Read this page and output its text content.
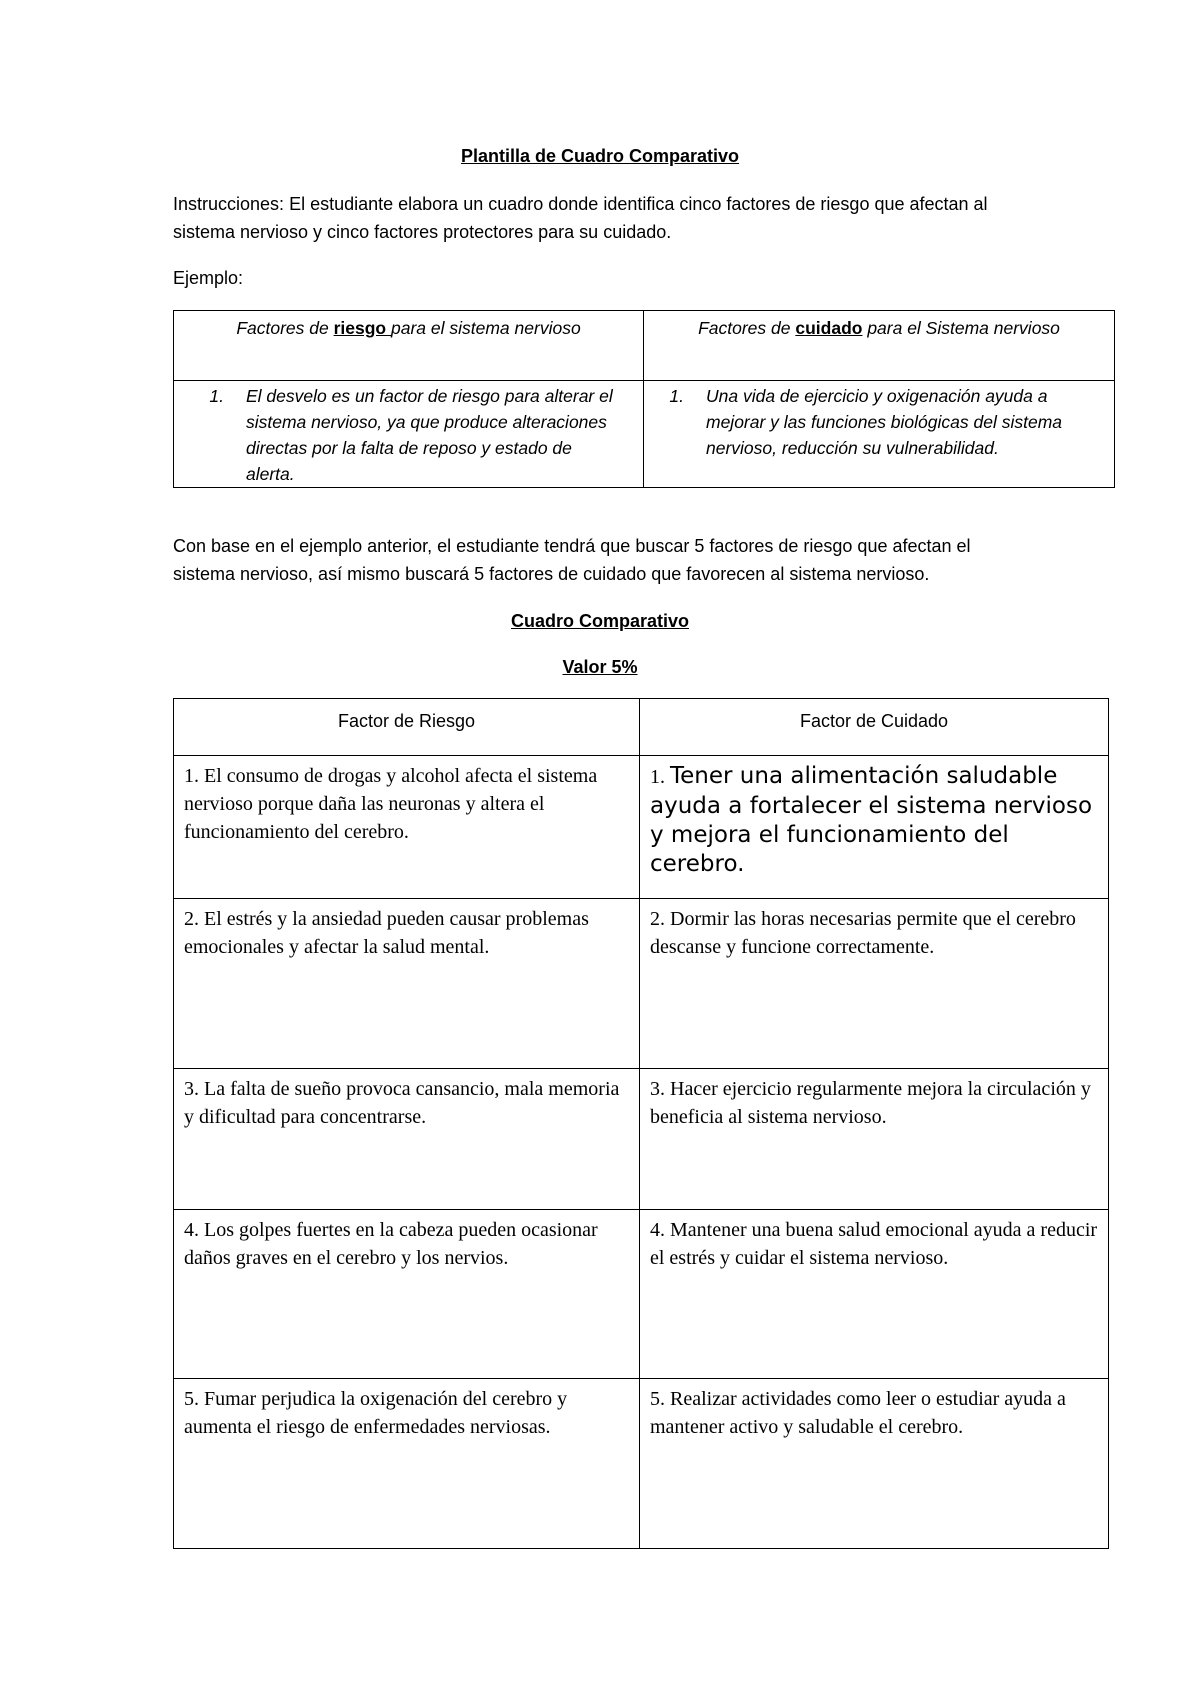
Plantilla de Cuadro Comparativo
Instrucciones: El estudiante elabora un cuadro donde identifica cinco factores de riesgo que afectan al sistema nervioso y cinco factores protectores para su cuidado.
Ejemplo:
Factores de riesgo para el sistema nervioso	Factores de cuidado para el Sistema nervioso

1. El desvelo es un factor de riesgo para alterar el sistema nervioso, ya que produce alteraciones directas por la falta de reposo y estado de alerta.	1. Una vida de ejercicio y oxigenación ayuda a mejorar y las funciones biológicas del sistema nervioso, reducción su vulnerabilidad.
Con base en el ejemplo anterior, el estudiante tendrá que buscar 5 factores de riesgo que afectan el sistema nervioso, así mismo buscará 5 factores de cuidado que favorecen al sistema nervioso.
Cuadro Comparativo
Valor 5%
Factor de Riesgo	Factor de Cuidado
1. El consumo de drogas y alcohol afecta el sistema nervioso porque daña las neuronas y altera el funcionamiento del cerebro.	1. Tener una alimentación saludable ayuda a fortalecer el sistema nervioso y mejora el funcionamiento del cerebro.
2. El estrés y la ansiedad pueden causar problemas emocionales y afectar la salud mental.	2. Dormir las horas necesarias permite que el cerebro descanse y funcione correctamente.
3. La falta de sueño provoca cansancio, mala memoria y dificultad para concentrarse.	3. Hacer ejercicio regularmente mejora la circulación y beneficia al sistema nervioso.
4. Los golpes fuertes en la cabeza pueden ocasionar daños graves en el cerebro y los nervios.	4. Mantener una buena salud emocional ayuda a reducir el estrés y cuidar el sistema nervioso.
5. Fumar perjudica la oxigenación del cerebro y aumenta el riesgo de enfermedades nerviosas.	5. Realizar actividades como leer o estudiar ayuda a mantener activo y saludable el cerebro.
